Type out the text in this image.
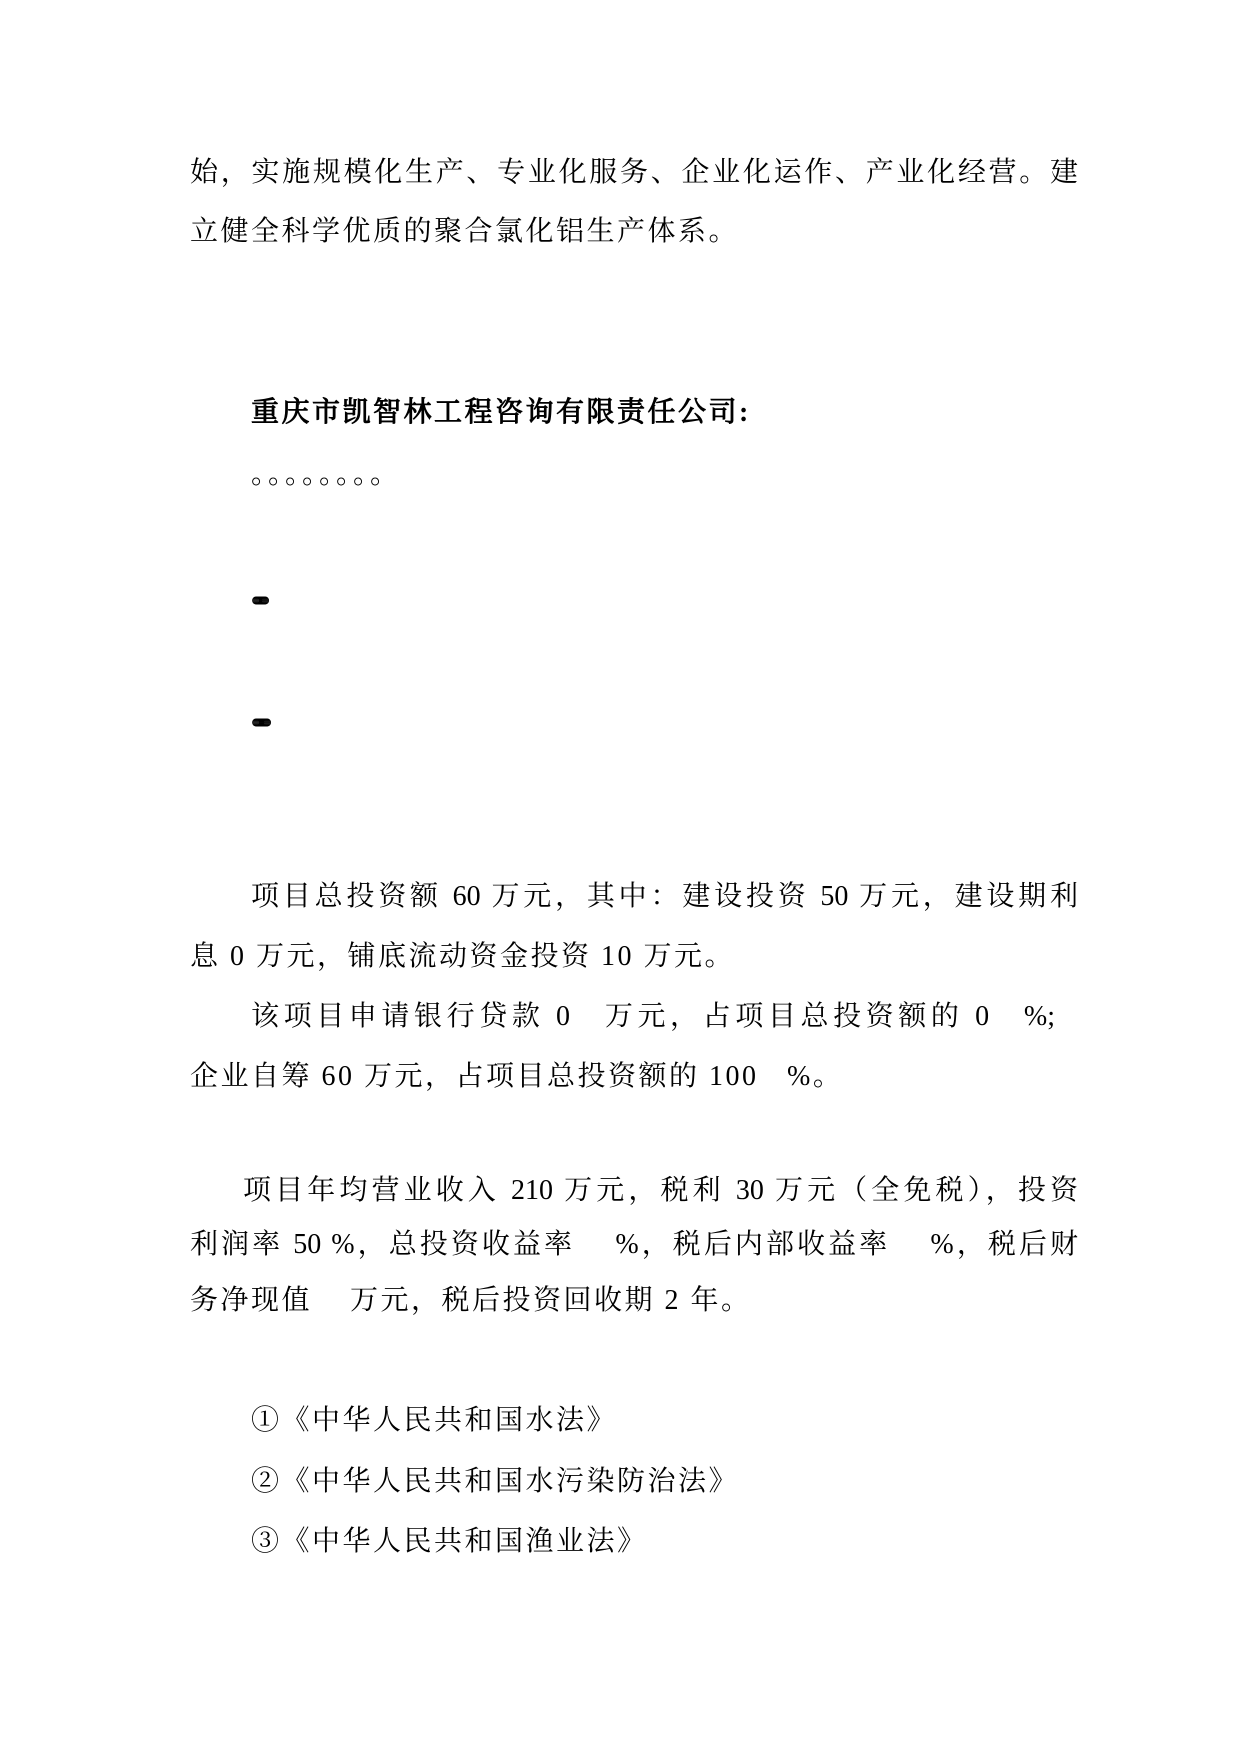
始，实施规模化生产、专业化服务、企业化运作、产业化经营。建
立健全科学优质的聚合氯化铝生产体系。

重庆市凯智林工程咨询有限责任公司:
。。。。。。。。

。。。。。。。。。。

。。。。。。。。。。。。

项目总投资额 60 万元，其中：建设投资 50 万元，建设期利
息 0 万元，铺底流动资金投资 10 万元。
该项目申请银行贷款 0   万元，占项目总投资额的 0   %;
企业自筹 60 万元，占项目总投资额的 100   %。

项目年均营业收入 210 万元，税利 30 万元（全免税），投资
利润率 50 %，总投资收益率    %，税后内部收益率    %，税后财
务净现值    万元，税后投资回收期 2 年。

①《中华人民共和国水法》
②《中华人民共和国水污染防治法》
③《中华人民共和国渔业法》
